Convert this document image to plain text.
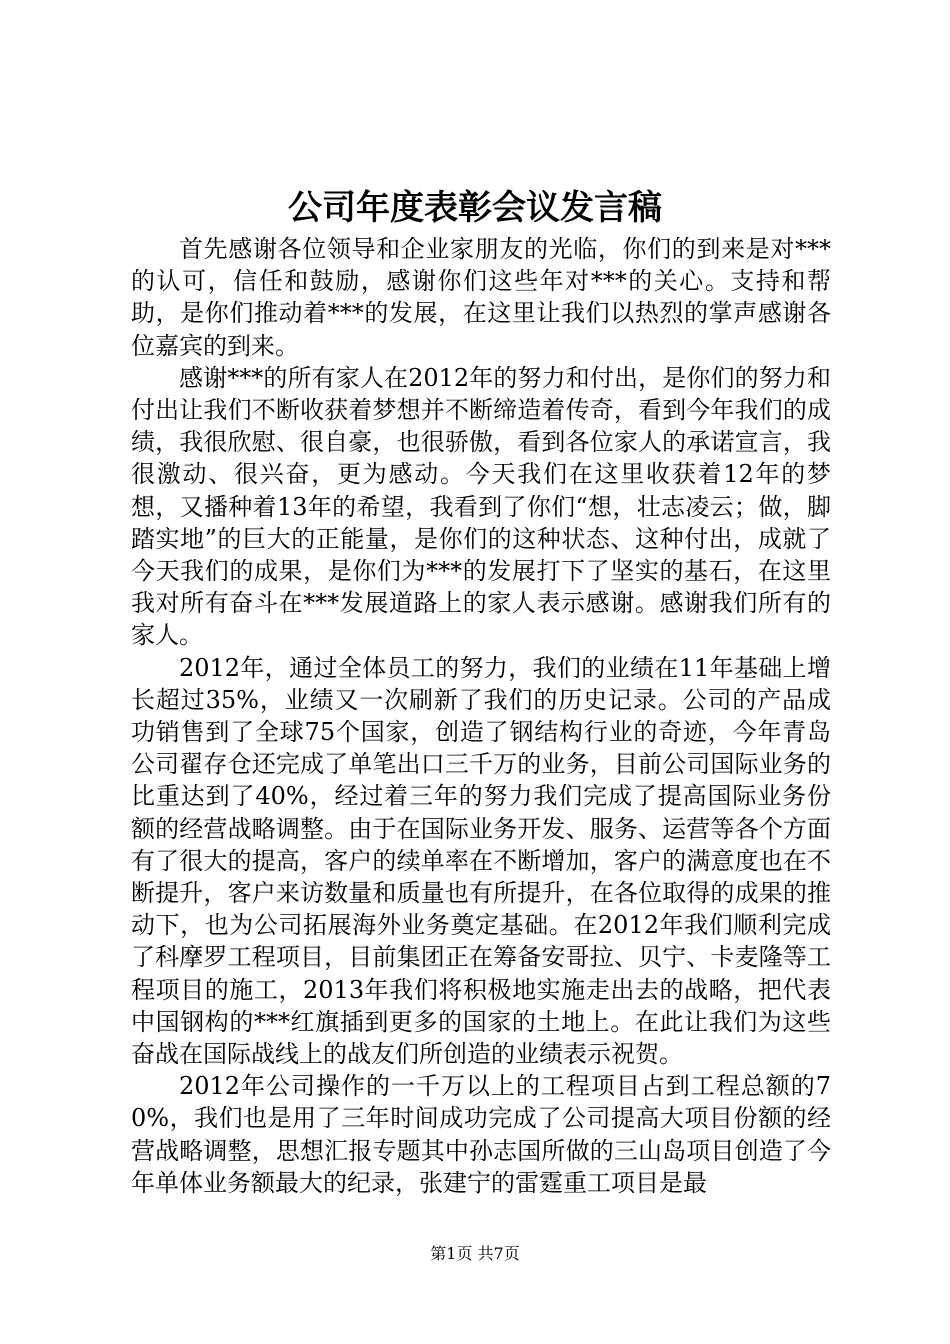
公司年度表彰会议发言稿

首先感谢各位领导和企业家朋友的光临，你们的到来是对***的认可，信任和鼓励，感谢你们这些年对***的关心。支持和帮助，是你们推动着***的发展，在这里让我们以热烈的掌声感谢各位嘉宾的到来。

感谢***的所有家人在2012年的努力和付出，是你们的努力和付出让我们不断收获着梦想并不断缔造着传奇，看到今年我们的成绩，我很欣慰、很自豪，也很骄傲，看到各位家人的承诺宣言，我很激动、很兴奋，更为感动。今天我们在这里收获着12年的梦想，又播种着13年的希望，我看到了你们“想，壮志凌云；做，脚踏实地”的巨大的正能量，是你们的这种状态、这种付出，成就了今天我们的成果，是你们为***的发展打下了坚实的基石，在这里我对所有奋斗在***发展道路上的家人表示感谢。感谢我们所有的家人。

2012年，通过全体员工的努力，我们的业绩在11年基础上增长超过35%，业绩又一次刷新了我们的历史记录。公司的产品成功销售到了全球75个国家，创造了钢结构行业的奇迹，今年青岛公司翟存仓还完成了单笔出口三千万的业务，目前公司国际业务的比重达到了40%，经过着三年的努力我们完成了提高国际业务份额的经营战略调整。由于在国际业务开发、服务、运营等各个方面有了很大的提高，客户的续单率在不断增加，客户的满意度也在不断提升，客户来访数量和质量也有所提升，在各位取得的成果的推动下，也为公司拓展海外业务奠定基础。在2012年我们顺利完成了科摩罗工程项目，目前集团正在筹备安哥拉、贝宁、卡麦隆等工程项目的施工，2013年我们将积极地实施走出去的战略，把代表中国钢构的***红旗插到更多的国家的土地上。在此让我们为这些奋战在国际战线上的战友们所创造的业绩表示祝贺。

2012年公司操作的一千万以上的工程项目占到工程总额的70%，我们也是用了三年时间成功完成了公司提高大项目份额的经营战略调整，思想汇报专题其中孙志国所做的三山岛项目创造了今年单体业务额最大的纪录，张建宁的雷霆重工项目是最

第1页 共7页
